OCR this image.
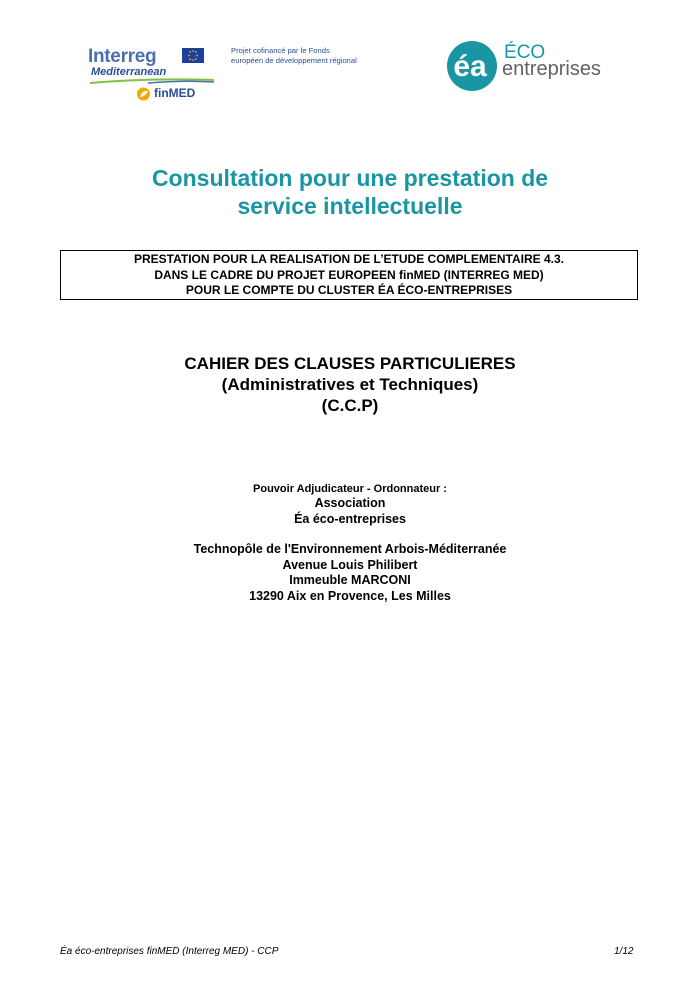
Interreg
Mediterranean
finMED
Projet cofinancé par le Fonds
européen de développement régional	éa ÉCO
entreprises
Consultation pour une prestation de
service intellectuelle
PRESTATION POUR LA REALISATION DE L’ETUDE COMPLEMENTAIRE 4.3.
DANS LE CADRE DU PROJET EUROPEEN finMED (INTERREG MED)
POUR LE COMPTE DU CLUSTER ÉA ÉCO-ENTREPRISES
CAHIER DES CLAUSES PARTICULIERES
(Administratives et Techniques)
(C.C.P)
Pouvoir Adjudicateur - Ordonnateur :
Association
Éa éco-entreprises
Technopôle de l'Environnement Arbois-Méditerranée
Avenue Louis Philibert
Immeuble MARCONI
13290 Aix en Provence, Les Milles
Éa éco-entreprises finMED (Interreg MED) - CCP	1/12
